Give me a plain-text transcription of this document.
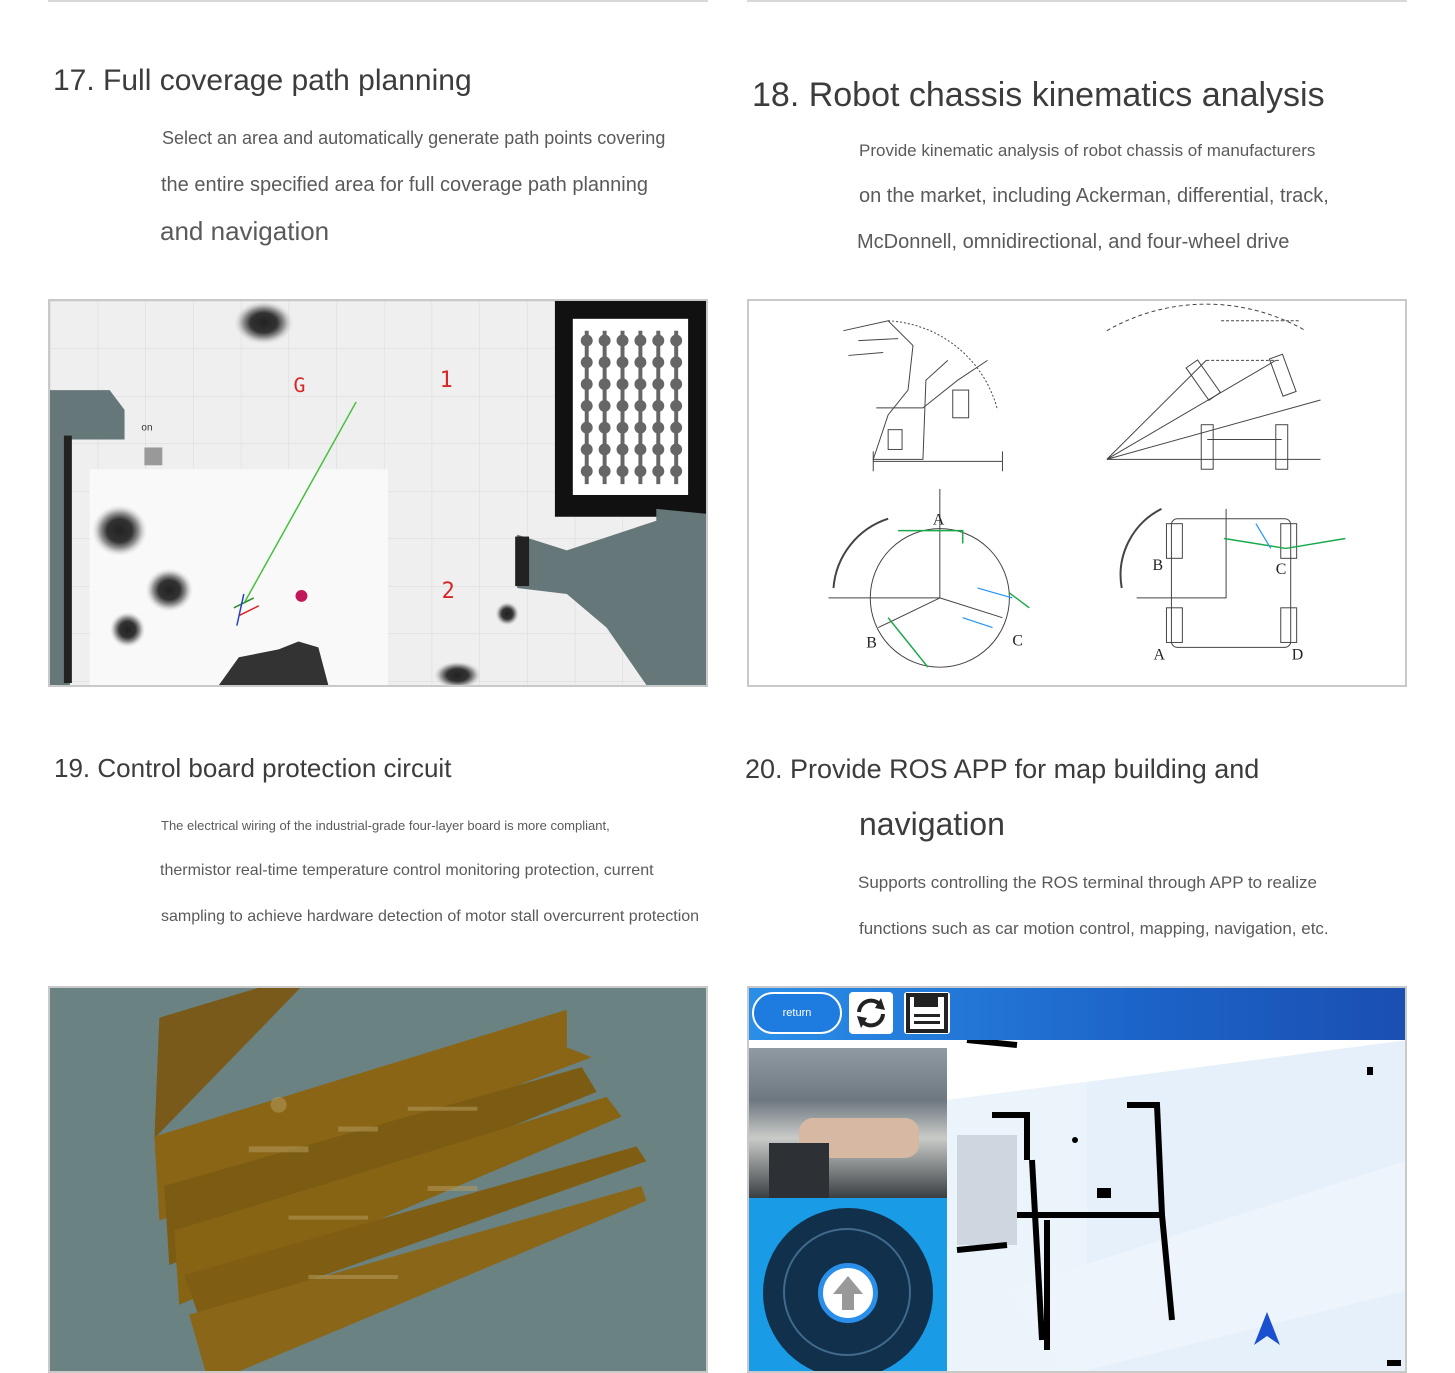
17. Full coverage path planning

Select an area and automatically generate path points covering

the entire specified area for full coverage path planning

and navigation

on
G	1
2
18. Robot chassis kinematics analysis

Provide kinematic analysis of robot chassis of manufacturers

on the market, including Ackerman, differential, track,

McDonnell, omnidirectional, and four-wheel drive

A
B	C
A
B	C
D
19. Control board protection circuit

The electrical wiring of the industrial-grade four-layer board is more compliant,

thermistor real-time temperature control monitoring protection, current

sampling to achieve hardware detection of motor stall overcurrent protection

20. Provide ROS APP for map building and
navigation

Supports controlling the ROS terminal through APP to realize

functions such as car motion control, mapping, navigation, etc.

return
